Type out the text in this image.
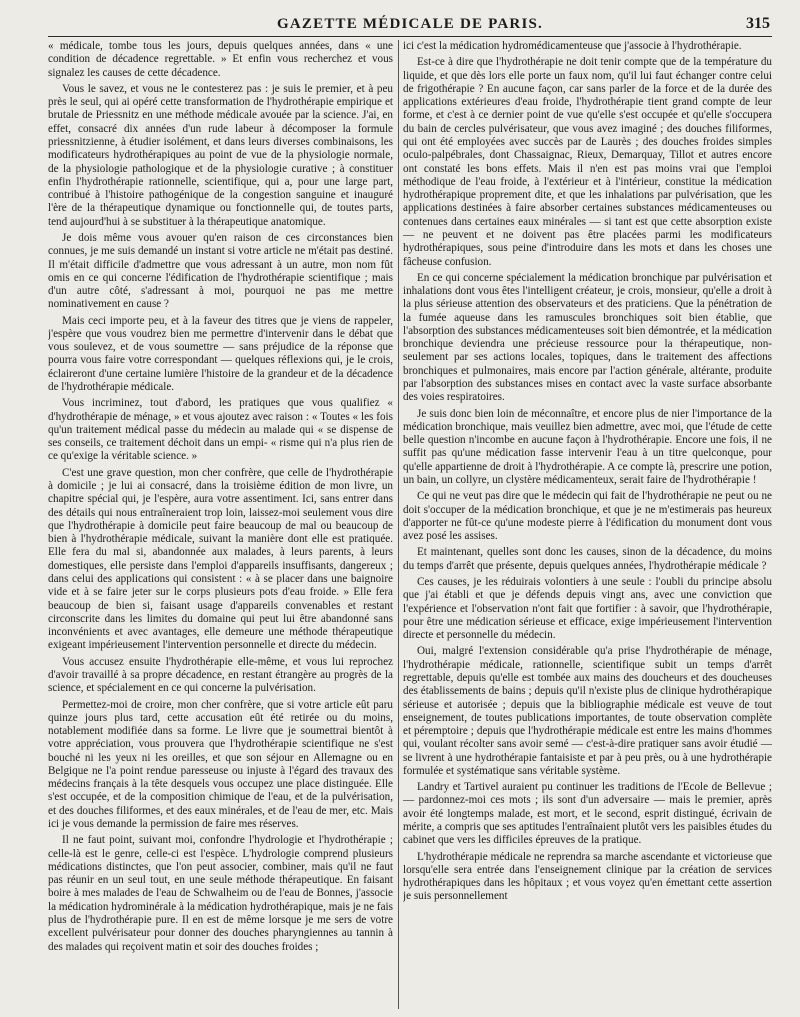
GAZETTE MÉDICALE DE PARIS.	315

« médicale, tombe tous les jours, depuis quelques années, dans « une condition de décadence regrettable. » Et enfin vous recherchez et vous signalez les causes de cette décadence.

Vous le savez, et vous ne le contesterez pas : je suis le premier, et à peu près le seul, qui ai opéré cette transformation de l'hydrothérapie empirique et brutale de Priessnitz en une méthode médicale avouée par la science. J'ai, en effet, consacré dix années d'un rude labeur à décomposer la formule priessnitzienne, à étudier isolément, et dans leurs diverses combinaisons, les modificateurs hydrothérapiques au point de vue de la physiologie normale, de la physiologie pathologique et de la physiologie curative ; à constituer enfin l'hydrothérapie rationnelle, scientifique, qui a, pour une large part, contribué à l'histoire pathogénique de la congestion sanguine et inauguré l'ère de la thérapeutique dynamique ou fonctionnelle qui, de toutes parts, tend aujourd'hui à se substituer à la thérapeutique anatomique.

Je dois même vous avouer qu'en raison de ces circonstances bien connues, je me suis demandé un instant si votre article ne m'était pas destiné. Il m'était difficile d'admettre que vous adressant à un autre, mon nom fût omis en ce qui concerne l'édification de l'hydrothérapie scientifique ; mais d'un autre côté, s'adressant à moi, pourquoi ne pas me mettre nominativement en cause ?

Mais ceci importe peu, et à la faveur des titres que je viens de rappeler, j'espère que vous voudrez bien me permettre d'intervenir dans le débat que vous soulevez, et de vous soumettre — sans préjudice de la réponse que pourra vous faire votre correspondant — quelques réflexions qui, je le crois, éclaireront d'une certaine lumière l'histoire de la grandeur et de la décadence de l'hydrothérapie médicale.

Vous incriminez, tout d'abord, les pratiques que vous qualifiez « d'hydrothérapie de ménage, » et vous ajoutez avec raison : « Toutes « les fois qu'un traitement médical passe du médecin au malade qui « se dispense de ses conseils, ce traitement déchoit dans un empi- « risme qui n'a plus rien de ce qu'exige la véritable science. »

C'est une grave question, mon cher confrère, que celle de l'hydrothérapie à domicile ; je lui ai consacré, dans la troisième édition de mon livre, un chapitre spécial qui, je l'espère, aura votre assentiment. Ici, sans entrer dans des détails qui nous entraîneraient trop loin, laissez-moi seulement vous dire que l'hydrothérapie à domicile peut faire beaucoup de mal ou beaucoup de bien à l'hydrothérapie médicale, suivant la manière dont elle est pratiquée. Elle fera du mal si, abandonnée aux malades, à leurs parents, à leurs domestiques, elle persiste dans l'emploi d'appareils insuffisants, dangereux ; dans celui des applications qui consistent : « à se placer dans une baignoire vide et à se faire jeter sur le corps plusieurs pots d'eau froide. » Elle fera beaucoup de bien si, faisant usage d'appareils convenables et restant circonscrite dans les limites du domaine qui peut lui être abandonné sans inconvénients et avec avantages, elle demeure une méthode thérapeutique exigeant impérieusement l'intervention personnelle et directe du médecin.

Vous accusez ensuite l'hydrothérapie elle-même, et vous lui reprochez d'avoir travaillé à sa propre décadence, en restant étrangère au progrès de la science, et spécialement en ce qui concerne la pulvérisation.

Permettez-moi de croire, mon cher confrère, que si votre article eût paru quinze jours plus tard, cette accusation eût été retirée ou du moins, notablement modifiée dans sa forme. Le livre que je soumettrai bientôt à votre appréciation, vous prouvera que l'hydrothérapie scientifique ne s'est bouché ni les yeux ni les oreilles, et que son séjour en Allemagne ou en Belgique ne l'a point rendue paresseuse ou injuste à l'égard des travaux des médecins français à la tête desquels vous occupez une place distinguée. Elle s'est occupée, et de la composition chimique de l'eau, et de la pulvérisation, et des douches filiformes, et des eaux minérales, et de l'eau de mer, etc. Mais ici je vous demande la permission de faire mes réserves.

Il ne faut point, suivant moi, confondre l'hydrologie et l'hydrothérapie ; celle-là est le genre, celle-ci est l'espèce. L'hydrologie comprend plusieurs médications distinctes, que l'on peut associer, combiner, mais qu'il ne faut pas réunir en un seul tout, en une seule méthode thérapeutique. En faisant boire à mes malades de l'eau de Schwalheim ou de l'eau de Bonnes, j'associe la médication hydrominérale à la médication hydrothérapique, mais je ne fais plus de l'hydrothérapie pure. Il en est de même lorsque je me sers de votre excellent pulvérisateur pour donner des douches pharyngiennes au tannin à des malades qui reçoivent matin et soir des douches froides ;

ici c'est la médication hydromédicamenteuse que j'associe à l'hydrothérapie.

Est-ce à dire que l'hydrothérapie ne doit tenir compte que de la température du liquide, et que dès lors elle porte un faux nom, qu'il lui faut échanger contre celui de frigothérapie ? En aucune façon, car sans parler de la force et de la durée des applications extérieures d'eau froide, l'hydrothérapie tient grand compte de leur forme, et c'est à ce dernier point de vue qu'elle s'est occupée et qu'elle s'occupera du bain de cercles pulvérisateur, que vous avez imaginé ; des douches filiformes, qui ont été employées avec succès par de Laurès ; des douches froides simples oculo-palpébrales, dont Chassaignac, Rieux, Demarquay, Tillot et autres encore ont constaté les bons effets. Mais il n'en est pas moins vrai que l'emploi méthodique de l'eau froide, à l'extérieur et à l'intérieur, constitue la médication hydrothérapique proprement dite, et que les inhalations par pulvérisation, que les applications destinées à faire absorber certaines substances médicamenteuses ou contenues dans certaines eaux minérales — si tant est que cette absorption existe — ne peuvent et ne doivent pas être placées parmi les modificateurs hydrothérapiques, sous peine d'introduire dans les mots et dans les choses une fâcheuse confusion.

En ce qui concerne spécialement la médication bronchique par pulvérisation et inhalations dont vous êtes l'intelligent créateur, je crois, monsieur, qu'elle a droit à la plus sérieuse attention des observateurs et des praticiens. Que la pénétration de la fumée aqueuse dans les ramuscules bronchiques soit bien établie, que l'absorption des substances médicamenteuses soit bien démontrée, et la médication bronchique deviendra une précieuse ressource pour la thérapeutique, non-seulement par ses actions locales, topiques, dans le traitement des affections bronchiques et pulmonaires, mais encore par l'action générale, altérante, produite par l'absorption des substances mises en contact avec la vaste surface absorbante des voies respiratoires.

Je suis donc bien loin de méconnaître, et encore plus de nier l'importance de la médication bronchique, mais veuillez bien admettre, avec moi, que l'étude de cette belle question n'incombe en aucune façon à l'hydrothérapie. Encore une fois, il ne suffit pas qu'une médication fasse intervenir l'eau à un titre quelconque, pour qu'elle appartienne de droit à l'hydrothérapie. A ce compte là, prescrire une potion, un bain, un collyre, un clystère médicamenteux, serait faire de l'hydrothérapie !

Ce qui ne veut pas dire que le médecin qui fait de l'hydrothérapie ne peut ou ne doit s'occuper de la médication bronchique, et que je ne m'estimerais pas heureux d'apporter ne fût-ce qu'une modeste pierre à l'édification du monument dont vous avez posé les assises.

Et maintenant, quelles sont donc les causes, sinon de la décadence, du moins du temps d'arrêt que présente, depuis quelques années, l'hydrothérapie médicale ?

Ces causes, je les réduirais volontiers à une seule : l'oubli du principe absolu que j'ai établi et que je défends depuis vingt ans, avec une conviction que l'expérience et l'observation n'ont fait que fortifier : à savoir, que l'hydrothérapie, pour être une médication sérieuse et efficace, exige impérieusement l'intervention directe et personnelle du médecin.

Oui, malgré l'extension considérable qu'a prise l'hydrothérapie de ménage, l'hydrothérapie médicale, rationnelle, scientifique subit un temps d'arrêt regrettable, depuis qu'elle est tombée aux mains des doucheurs et des doucheuses des établissements de bains ; depuis qu'il n'existe plus de clinique hydrothérapique sérieuse et autorisée ; depuis que la bibliographie médicale est veuve de tout enseignement, de toutes publications importantes, de toute observation complète et péremptoire ; depuis que l'hydrothérapie médicale est entre les mains d'hommes qui, voulant récolter sans avoir semé — c'est-à-dire pratiquer sans avoir étudié — se livrent à une hydrothérapie fantaisiste et par à peu près, ou à une hydrothérapie formulée et systématique sans véritable système.

Landry et Tartivel auraient pu continuer les traditions de l'Ecole de Bellevue ; — pardonnez-moi ces mots ; ils sont d'un adversaire — mais le premier, après avoir été longtemps malade, est mort, et le second, esprit distingué, écrivain de mérite, a compris que ses aptitudes l'entraînaient plutôt vers les paisibles études du cabinet que vers les difficiles épreuves de la pratique.

L'hydrothérapie médicale ne reprendra sa marche ascendante et victorieuse que lorsqu'elle sera entrée dans l'enseignement clinique par la création de services hydrothérapiques dans les hôpitaux ; et vous voyez qu'en émettant cette assertion je suis personnellement
